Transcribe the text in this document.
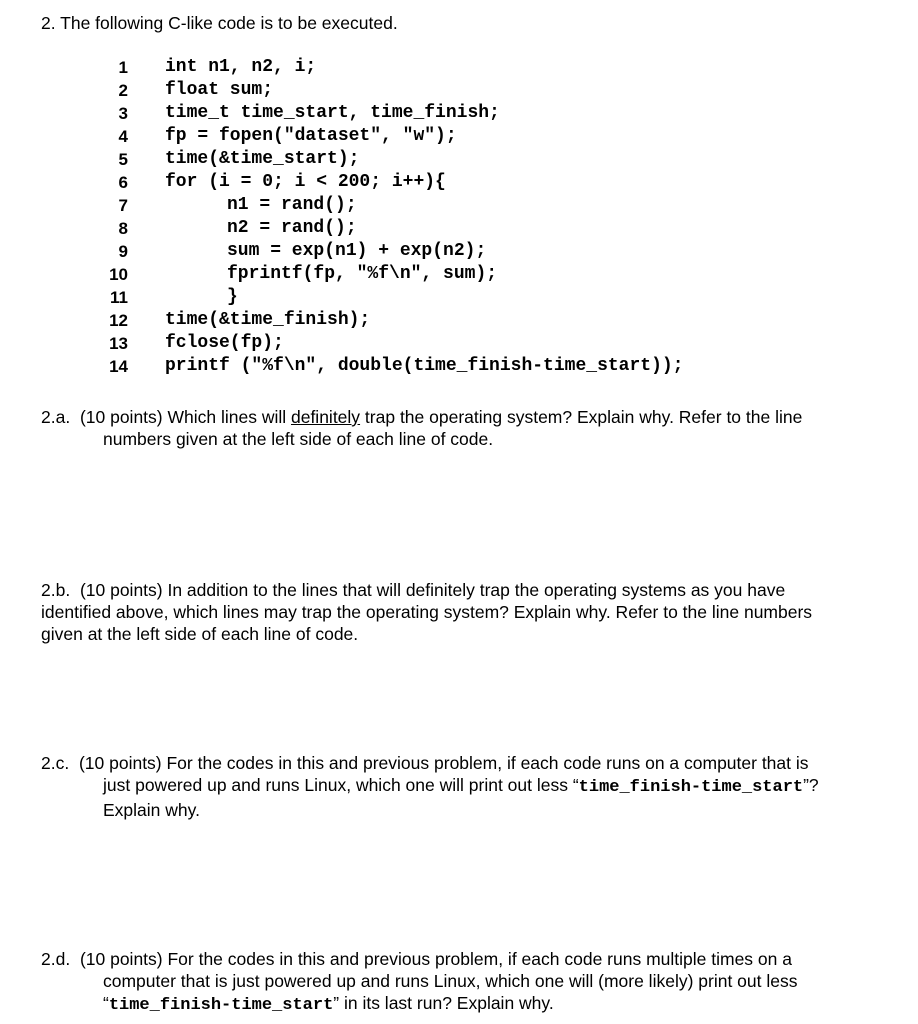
2. The following C-like code is to be executed.
1 int n1, n2, i;
2 float sum;
3 time_t time_start, time_finish;
4 fp = fopen("dataset", "w");
5 time(&time_start);
6 for (i = 0; i < 200; i++){
7	n1 = rand();
8	n2 = rand();
9	sum = exp(n1) + exp(n2);
10	fprintf(fp, "%f\n", sum);
11	}
12 time(&time_finish);
13 fclose(fp);
14 printf ("%f\n", double(time_finish-time_start));
2.a. (10 points) Which lines will definitely trap the operating system? Explain why. Refer to the line
numbers given at the left side of each line of code.
2.b. (10 points) In addition to the lines that will definitely trap the operating systems as you have
identified above, which lines may trap the operating system? Explain why. Refer to the line numbers
given at the left side of each line of code.
2.c. (10 points) For the codes in this and previous problem, if each code runs on a computer that is
just powered up and runs Linux, which one will print out less “time_finish-time_start”?
Explain why.
2.d. (10 points) For the codes in this and previous problem, if each code runs multiple times on a
computer that is just powered up and runs Linux, which one will (more likely) print out less
“time_finish-time_start” in its last run? Explain why.
